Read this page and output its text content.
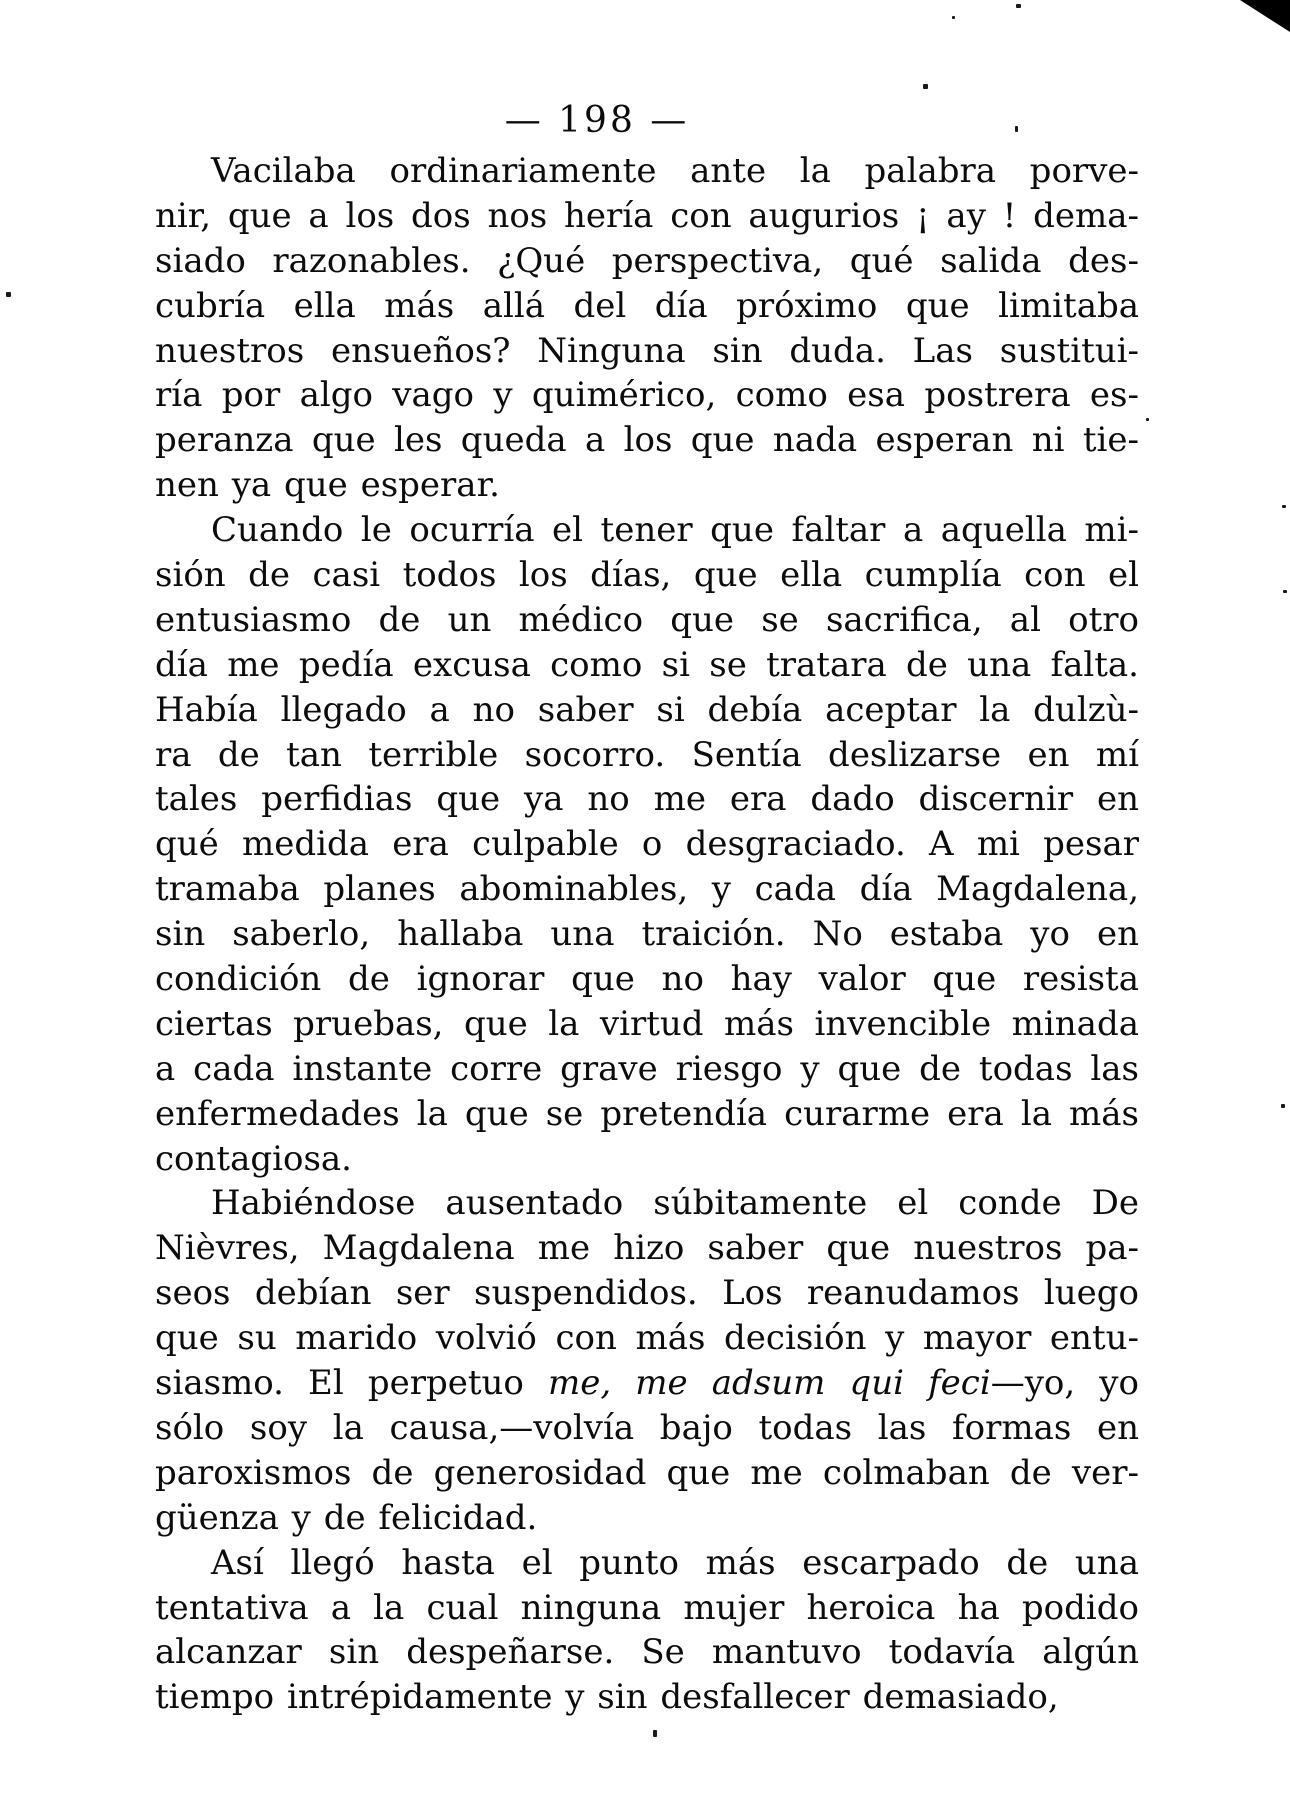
— 198 —
Vacilaba ordinariamente ante la palabra porve-
nir, que a los dos nos hería con augurios ¡ ay ! dema-
siado razonables. ¿Qué perspectiva, qué salida des-
cubría ella más allá del día próximo que limitaba
nuestros ensueños? Ninguna sin duda. Las sustitui-
ría por algo vago y quimérico, como esa postrera es-
peranza que les queda a los que nada esperan ni tie-
nen ya que esperar.
Cuando le ocurría el tener que faltar a aquella mi-
sión de casi todos los días, que ella cumplía con el
entusiasmo de un médico que se sacrifica, al otro
día me pedía excusa como si se tratara de una falta.
Había llegado a no saber si debía aceptar la dulzù-
ra de tan terrible socorro. Sentía deslizarse en mí
tales perfidias que ya no me era dado discernir en
qué medida era culpable o desgraciado. A mi pesar
tramaba planes abominables, y cada día Magdalena,
sin saberlo, hallaba una traición. No estaba yo en
condición de ignorar que no hay valor que resista
ciertas pruebas, que la virtud más invencible minada
a cada instante corre grave riesgo y que de todas las
enfermedades la que se pretendía curarme era la más
contagiosa.
Habiéndose ausentado súbitamente el conde De
Nièvres, Magdalena me hizo saber que nuestros pa-
seos debían ser suspendidos. Los reanudamos luego
que su marido volvió con más decisión y mayor entu-
siasmo. El perpetuo me, me adsum qui feci—yo, yo
sólo soy la causa,—volvía bajo todas las formas en
paroxismos de generosidad que me colmaban de ver-
güenza y de felicidad.
Así llegó hasta el punto más escarpado de una
tentativa a la cual ninguna mujer heroica ha podido
alcanzar sin despeñarse. Se mantuvo todavía algún
tiempo intrépidamente y sin desfallecer demasiado,
